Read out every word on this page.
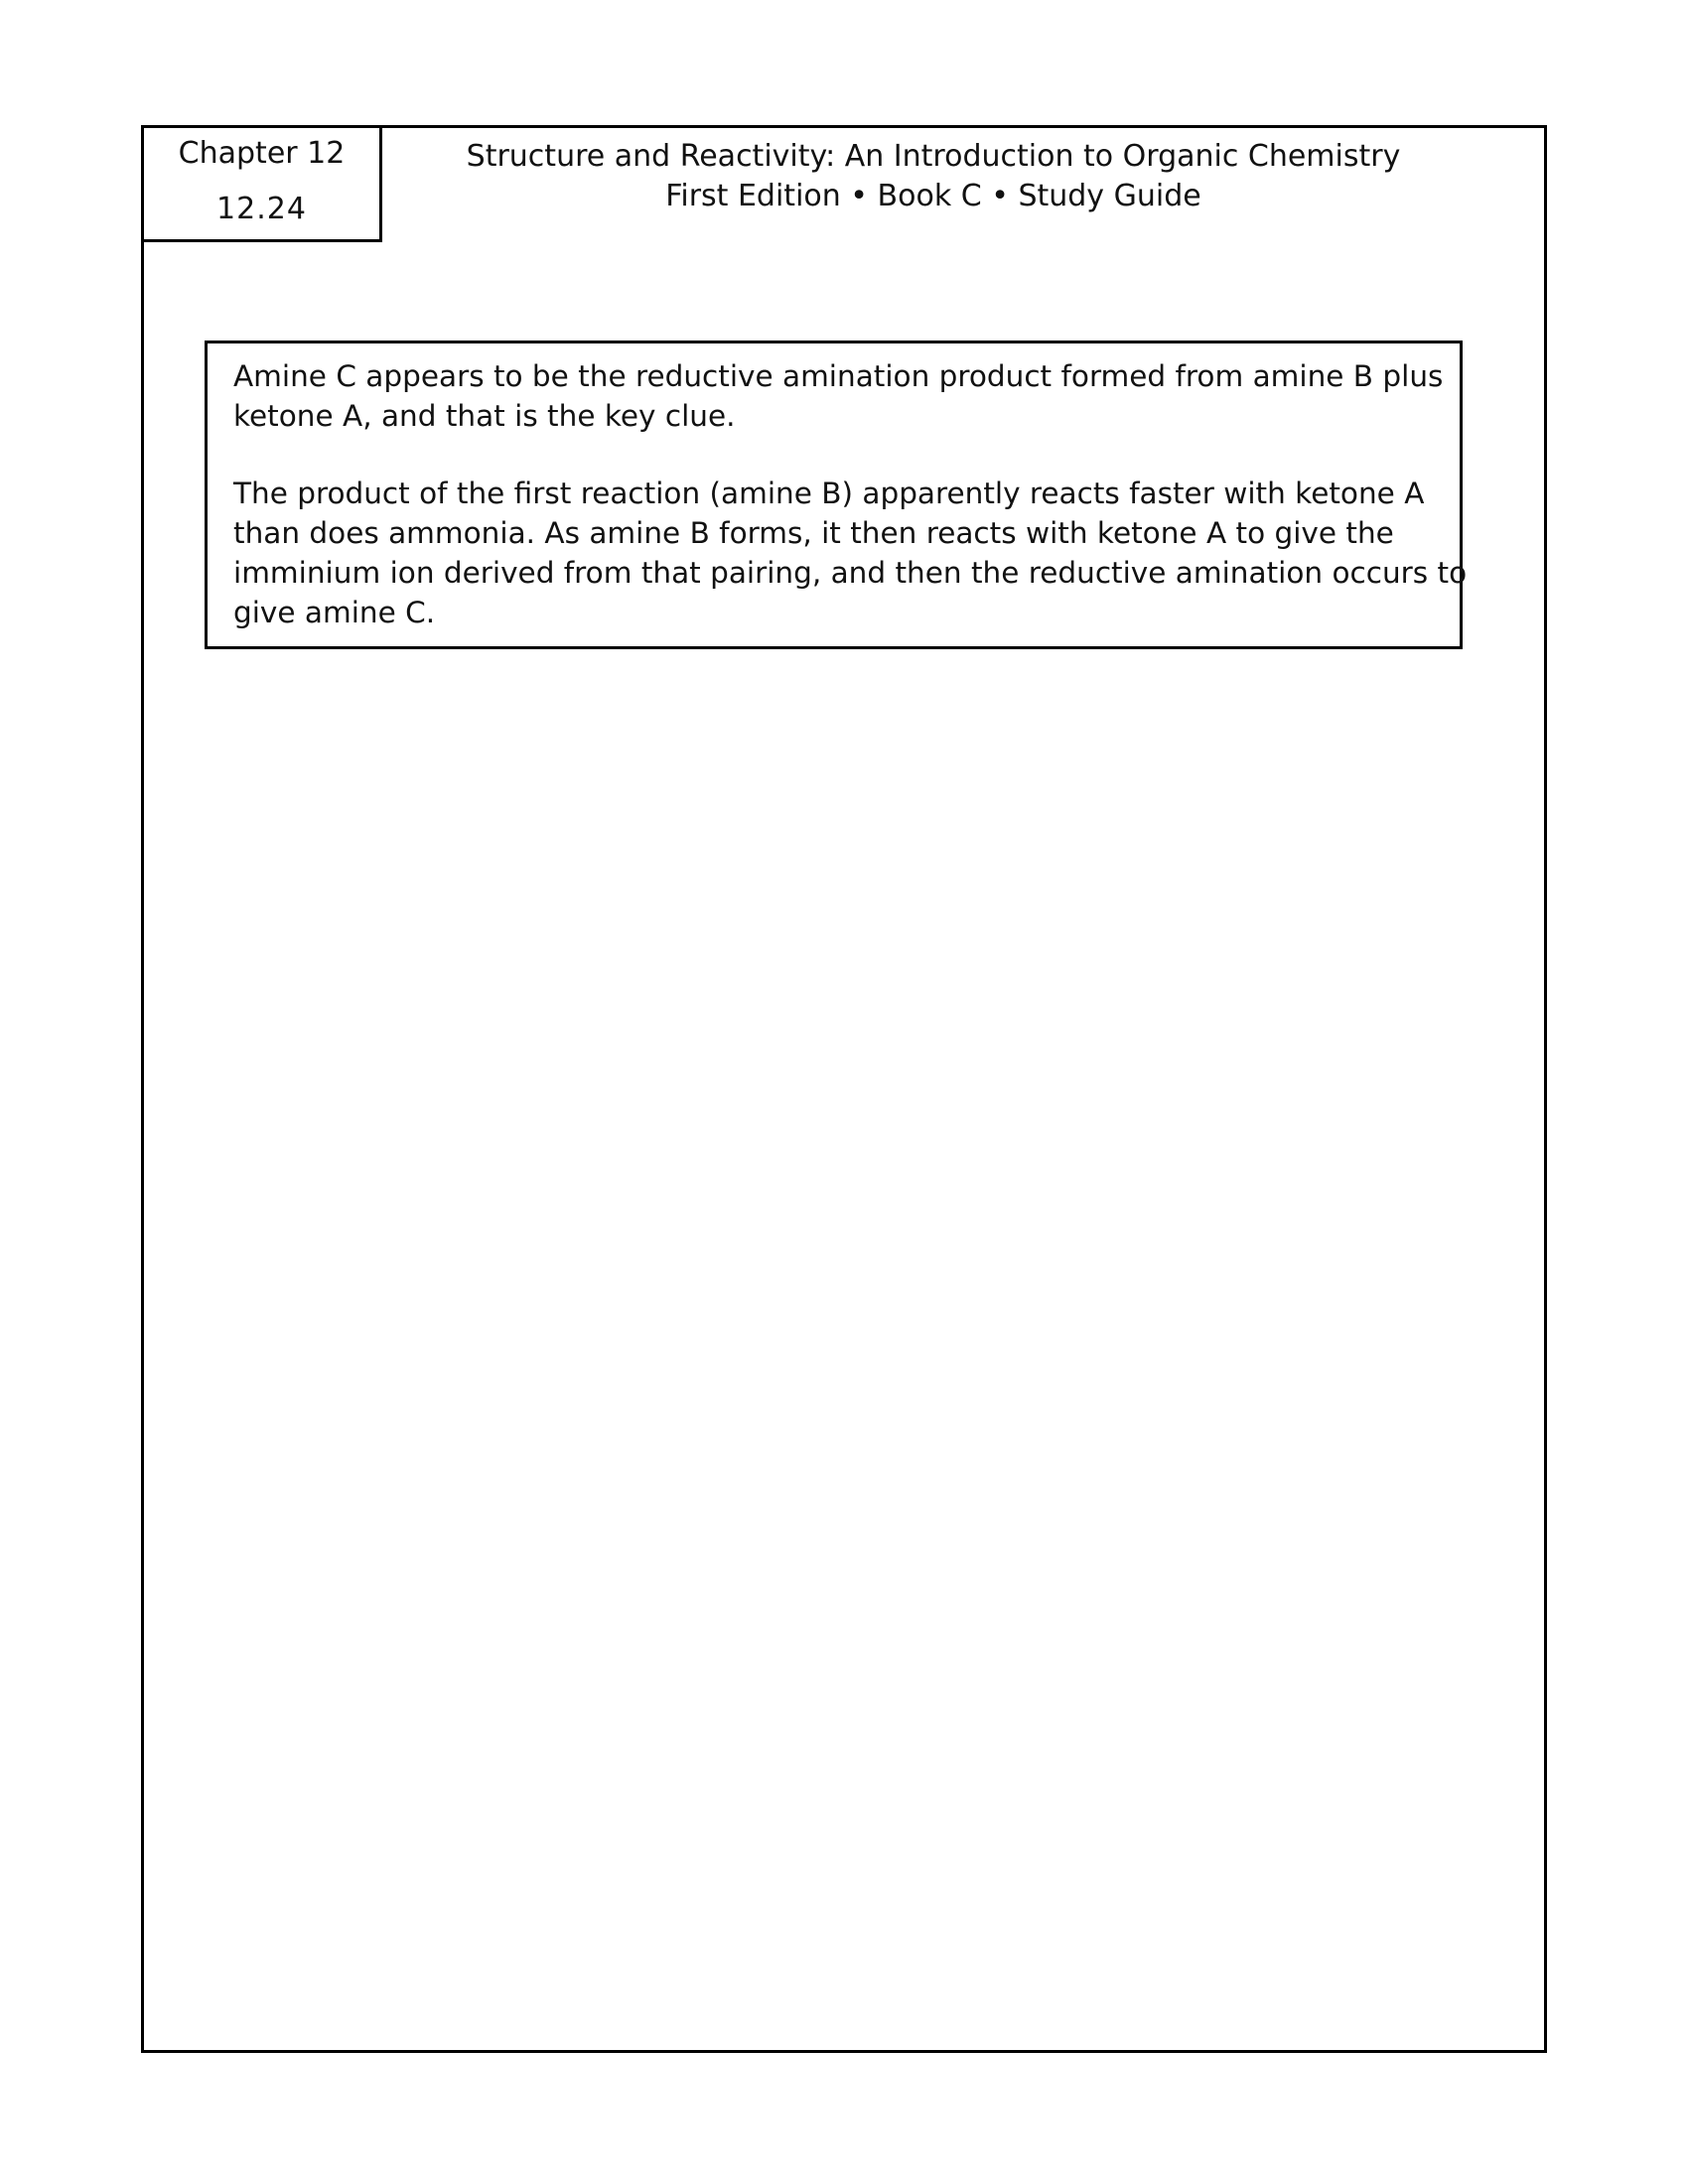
Chapter 12
12.24
Structure and Reactivity: An Introduction to Organic Chemistry
First Edition • Book C • Study Guide

Amine C appears to be the reductive amination product formed from amine B plus

ketone A, and that is the key clue.

The product of the first reaction (amine B) apparently reacts faster with ketone A

than does ammonia. As amine B forms, it then reacts with ketone A to give the

imminium ion derived from that pairing, and then the reductive amination occurs to

give amine C.
